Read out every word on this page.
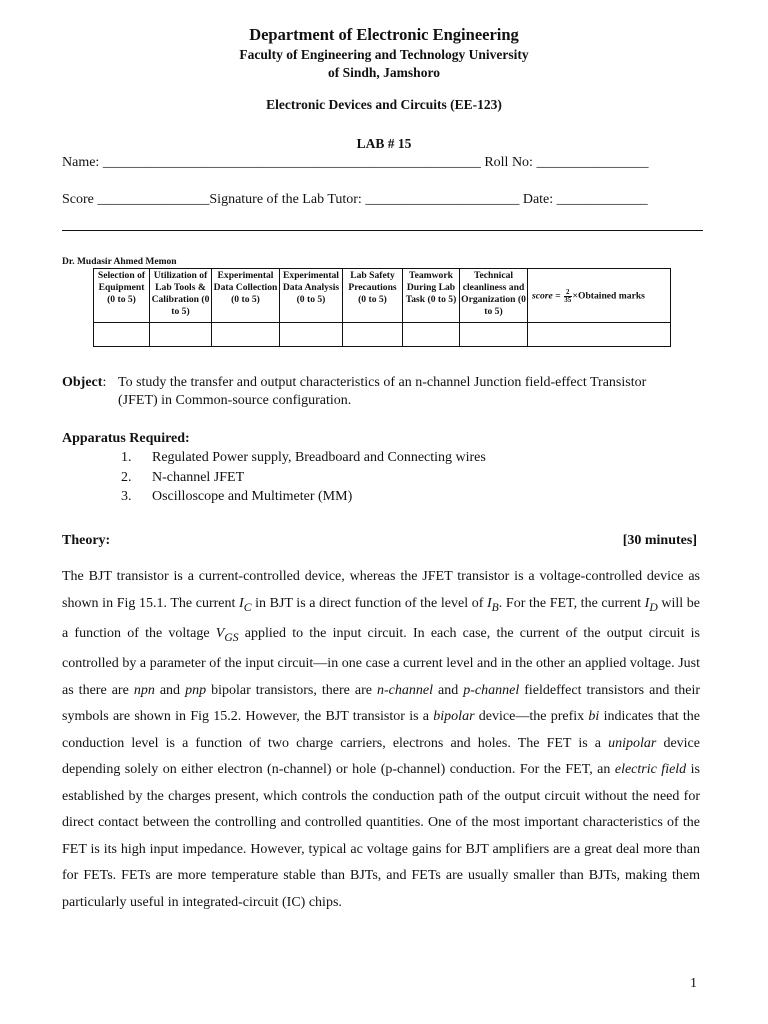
Department of Electronic Engineering
Faculty of Engineering and Technology University
of Sindh, Jamshoro
Electronic Devices and Circuits (EE-123)
LAB # 15
Name: ______________________________________________________ Roll No: ________________
Score ________________Signature of the Lab Tutor: ______________________ Date: _____________
Dr. Mudasir Ahmed Memon
Selection of Equipment (0 to 5)	Utilization of Lab Tools & Calibration (0 to 5)	Experimental Data Collection (0 to 5)	Experimental Data Analysis (0 to 5)	Lab Safety Precautions (0 to 5)	Teamwork During Lab Task (0 to 5)	Technical cleanliness and Organization (0 to 5)	score = $\frac{2}{35}$ ×Obtained marks

Object: To study the transfer and output characteristics of an n-channel Junction field-effect Transistor
(JFET) in Common-source configuration.
Apparatus Required:
1.	Regulated Power supply, Breadboard and Connecting wires
2.	N-channel JFET
3.	Oscilloscope and Multimeter (MM)
Theory:	[30 minutes]

The BJT transistor is a current-controlled device, whereas the JFET transistor is a voltage-controlled device as shown in Fig 15.1. The current $I_C$ in BJT is a direct function of the level of $I_B$. For the FET, the current $I_D$ will be a function of the voltage $V_{GS}$ applied to the input circuit. In each case, the current of the output circuit is controlled by a parameter of the input circuit—in one case a current level and in the other an applied voltage. Just as there are npn and pnp bipolar transistors, there are n-channel and p-channel fieldeffect transistors and their symbols are shown in Fig 15.2. However, the BJT transistor is a bipolar device—the prefix bi indicates that the conduction level is a function of two charge carriers, electrons and holes. The FET is a unipolar device depending solely on either electron (n-channel) or hole (p-channel) conduction. For the FET, an electric field is established by the charges present, which controls the conduction path of the output circuit without the need for direct contact between the controlling and controlled quantities. One of the most important characteristics of the FET is its high input impedance. However, typical ac voltage gains for BJT amplifiers are a great deal more than for FETs. FETs are more temperature stable than BJTs, and FETs are usually smaller than BJTs, making them particularly useful in integrated-circuit (IC) chips.

1
